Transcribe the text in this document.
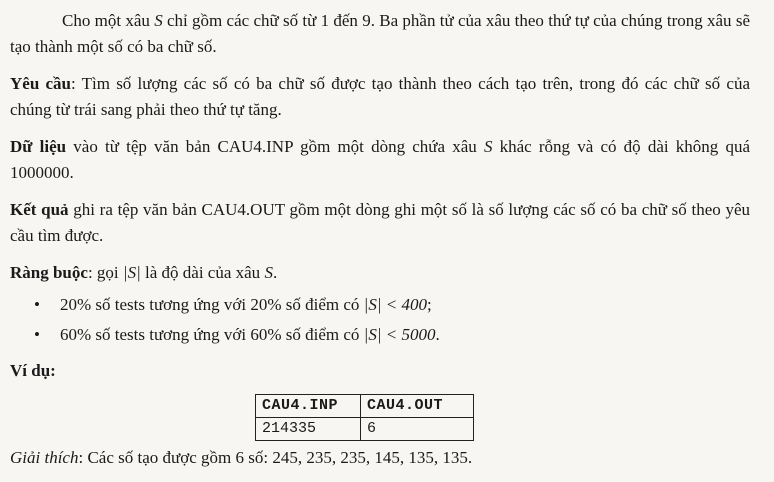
Cho một xâu S chỉ gồm các chữ số từ 1 đến 9. Ba phần tử của xâu theo thứ tự của chúng trong xâu sẽ tạo thành một số có ba chữ số.

Yêu cầu: Tìm số lượng các số có ba chữ số được tạo thành theo cách tạo trên, trong đó các chữ số của chúng từ trái sang phải theo thứ tự tăng.

Dữ liệu vào từ tệp văn bản CAU4.INP gồm một dòng chứa xâu S khác rỗng và có độ dài không quá 1000000.

Kết quả ghi ra tệp văn bản CAU4.OUT gồm một dòng ghi một số là số lượng các số có ba chữ số theo yêu cầu tìm được.

Ràng buộc: gọi |S| là độ dài của xâu S.

• 20% số tests tương ứng với 20% số điểm có |S| < 400;
• 60% số tests tương ứng với 60% số điểm có |S| < 5000.

Ví dụ:

CAU4.INP	CAU4.OUT
214335	6

Giải thích: Các số tạo được gồm 6 số: 245, 235, 235, 145, 135, 135.
